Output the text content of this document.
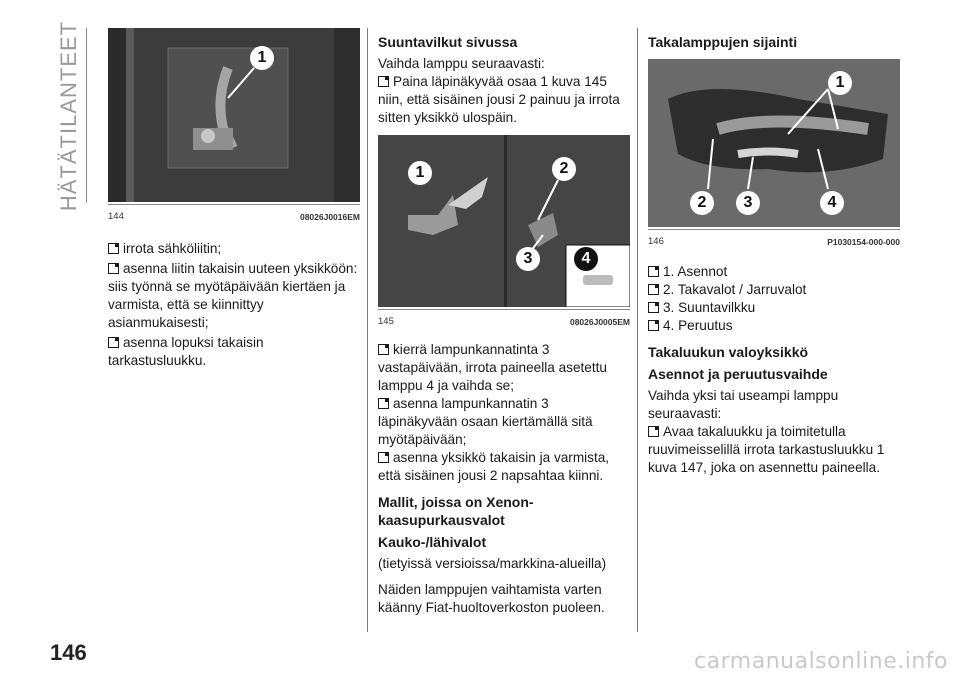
HÄTÄTILANTEET	1
144	08026J0016EM

irrota sähköliitin;

asenna liitin takaisin uuteen yksikköön: siis työnnä se myötäpäivään kiertäen ja varmista, että se kiinnittyy asianmukaisesti;

asenna lopuksi takaisin tarkastusluukku.

Suuntavilkut sivussa

Vaihda lamppu seuraavasti:

Paina läpinäkyvää osaa 1 kuva 145 niin, että sisäinen jousi 2 painuu ja irrota sitten yksikkö ulospäin.

1	2
3	4
145	08026J0005EM

kierrä lampunkannatinta 3 vastapäivään, irrota paineella asetettu lamppu 4 ja vaihda se;

asenna lampunkannatin 3 läpinäkyvään osaan kiertämällä sitä myötäpäivään;

asenna yksikkö takaisin ja varmista, että sisäinen jousi 2 napsahtaa kiinni.

Mallit, joissa on Xenon-kaasupurkausvalot
Kauko-/lähivalot

(tietyissä versioissa/markkina-alueilla)

Näiden lamppujen vaihtamista varten käänny Fiat-huoltoverkoston puoleen.

Takalamppujen sijainti
1
2	3	4
146	P1030154-000-000

1. Asennot

2. Takavalot / Jarruvalot

3. Suuntavilkku

4. Peruutus

Takaluukun valoyksikkö
Asennot ja peruutusvaihde

Vaihda yksi tai useampi lamppu seuraavasti:

Avaa takaluukku ja toimitetulla ruuvimeisselillä irrota tarkastusluukku 1 kuva 147, joka on asennettu paineella.

146	carmanualsonline.info
